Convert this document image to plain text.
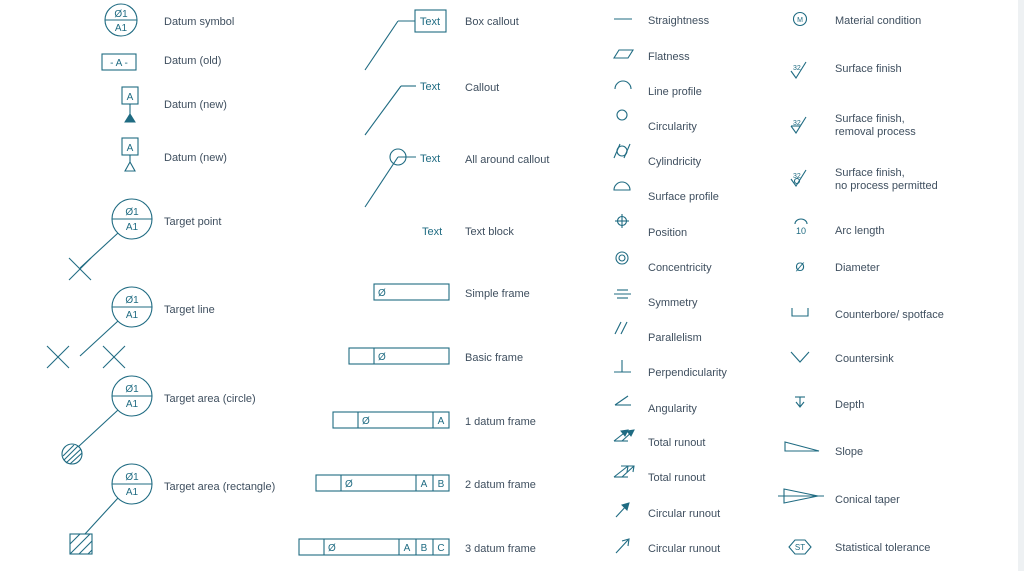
Ø1
A1
Datum symbol
- A -	Datum (old)
A
Datum (new)
A
Datum (new)
Ø1
A1 Target point
Ø1
A1 Target line
Ø1
A1 Target area (circle)
Ø1
A1 Target area (rectangle)
Text Box callout
Text Callout
Text All around callout
Text Text block
Ø	Simple frame
Ø	Basic frame
Ø	A 1 datum frame
Ø	A B 2 datum frame
Ø	A B C 3 datum frame
Straightness
Flatness
Line profile
Circularity
Cylindricity
Surface profile
Position
Concentricity
Symmetry
Parallelism
Perpendicularity
Angularity
Total runout
Total runout
Circular runout
Circular runout
M	Material condition
32	Surface finish
32	Surface finish,
removal process
32	Surface finish,
no process permitted
10	Arc length
Ø	Diameter
Counterbore/ spotface
Countersink
Depth
Slope
Conical taper
ST	Statistical tolerance
